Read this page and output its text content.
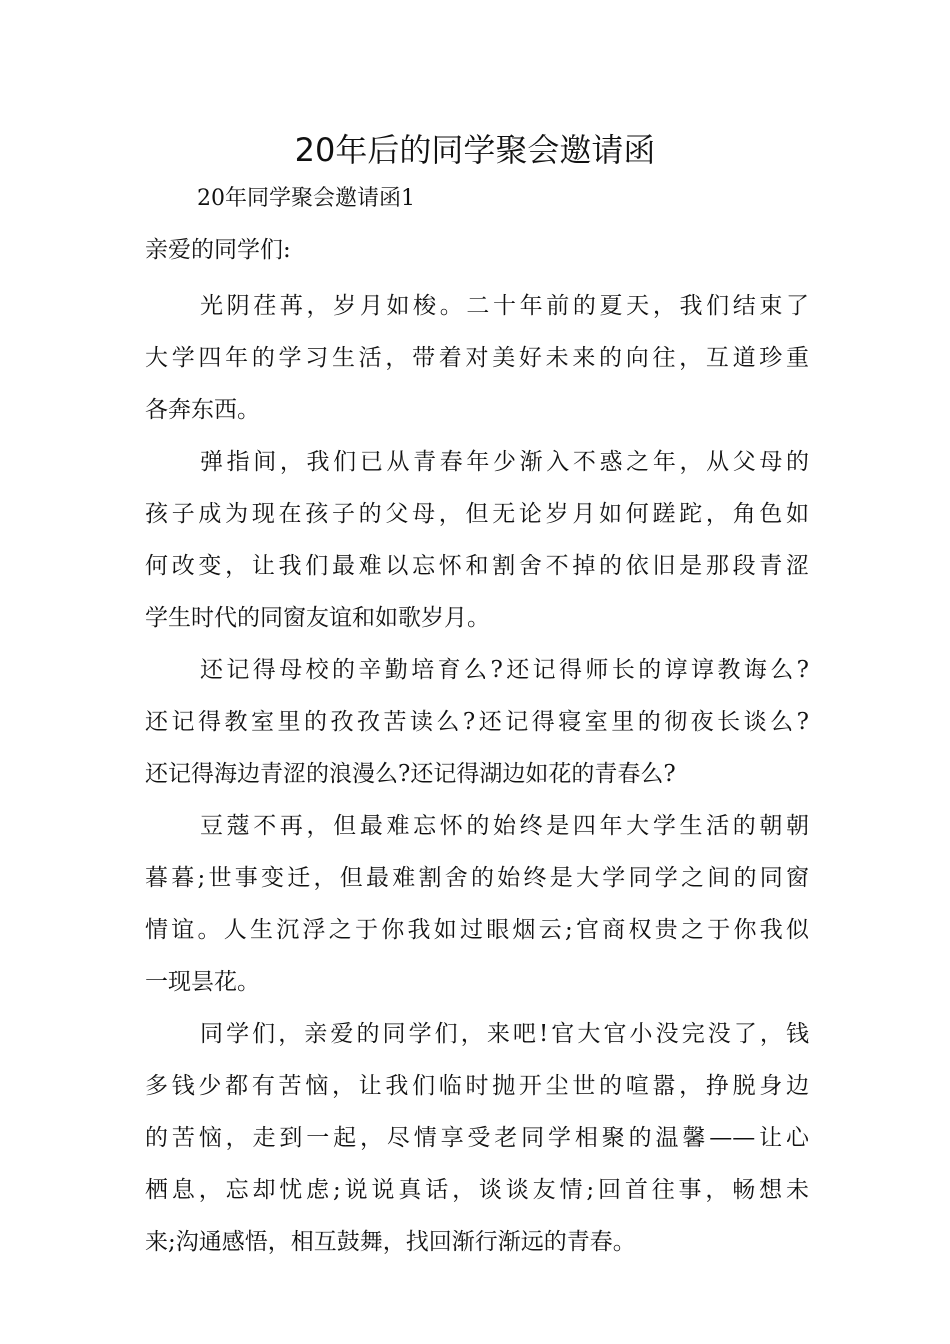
20年后的同学聚会邀请函
20年同学聚会邀请函1
亲爱的同学们:
光阴荏苒，岁月如梭。二十年前的夏天，我们结束了
大学四年的学习生活，带着对美好未来的向往，互道珍重
各奔东西。
弹指间，我们已从青春年少渐入不惑之年，从父母的
孩子成为现在孩子的父母，但无论岁月如何蹉跎，角色如
何改变，让我们最难以忘怀和割舍不掉的依旧是那段青涩
学生时代的同窗友谊和如歌岁月。
还记得母校的辛勤培育么?还记得师长的谆谆教诲么?
还记得教室里的孜孜苦读么?还记得寝室里的彻夜长谈么?
还记得海边青涩的浪漫么?还记得湖边如花的青春么?
豆蔻不再，但最难忘怀的始终是四年大学生活的朝朝
暮暮;世事变迁，但最难割舍的始终是大学同学之间的同窗
情谊。人生沉浮之于你我如过眼烟云;官商权贵之于你我似
一现昙花。
同学们，亲爱的同学们，来吧!官大官小没完没了，钱
多钱少都有苦恼，让我们临时抛开尘世的喧嚣，挣脱身边
的苦恼，走到一起，尽情享受老同学相聚的温馨——让心
栖息，忘却忧虑;说说真话，谈谈友情;回首往事，畅想未
来;沟通感悟，相互鼓舞，找回渐行渐远的青春。
